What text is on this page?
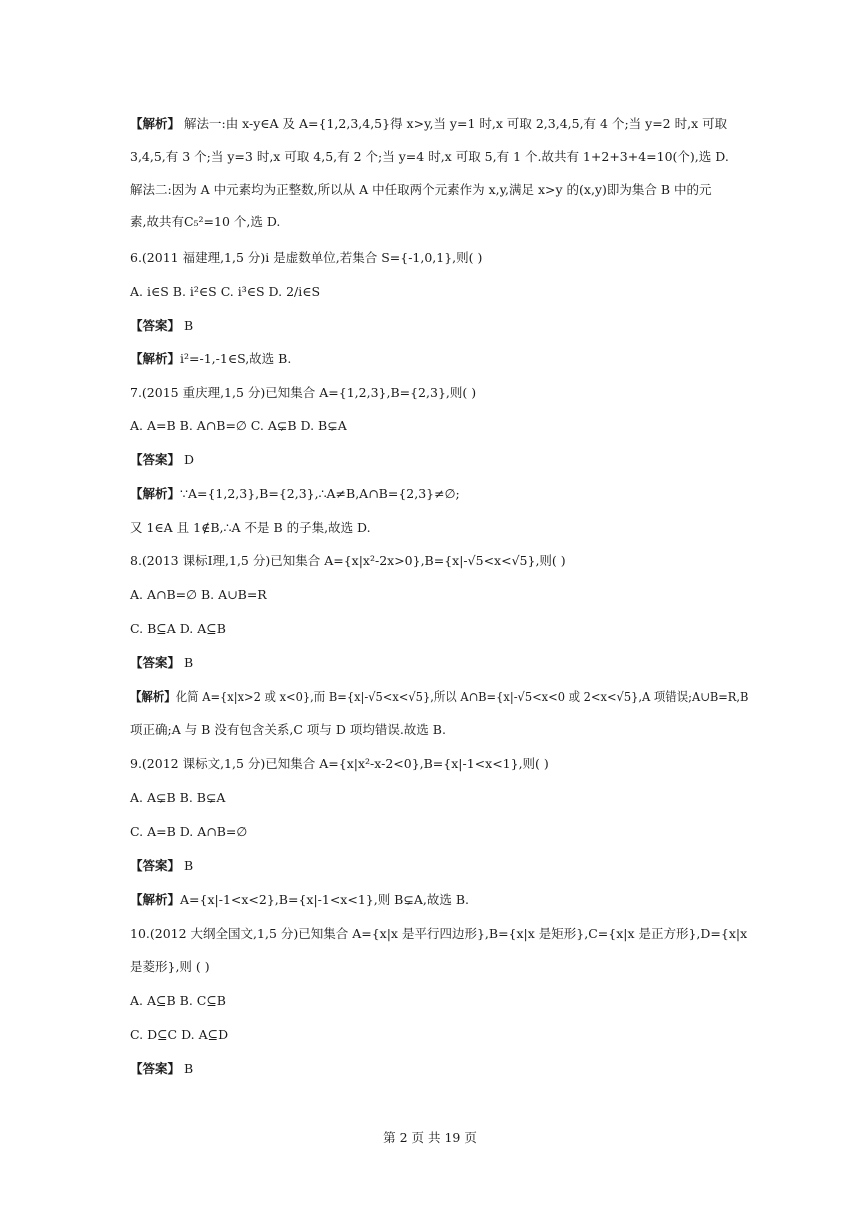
【解析】 解法一:由 x-y∈A 及 A={1,2,3,4,5}得 x>y,当 y=1 时,x 可取 2,3,4,5,有 4 个;当 y=2 时,x 可取
3,4,5,有 3 个;当 y=3 时,x 可取 4,5,有 2 个;当 y=4 时,x 可取 5,有 1 个.故共有 1+2+3+4=10(个),选 D.
解法二:因为 A 中元素均为正整数,所以从 A 中任取两个元素作为 x,y,满足 x>y 的(x,y)即为集合 B 中的元
素,故共有C₅²=10 个,选 D.
6.(2011 福建理,1,5 分)i 是虚数单位,若集合 S={-1,0,1},则( )
A. i∈S B. i²∈S C. i³∈S D. 2/i∈S
【答案】 B
【解析】i²=-1,-1∈S,故选 B.
7.(2015 重庆理,1,5 分)已知集合 A={1,2,3},B={2,3},则( )
A. A=B B. A∩B=∅ C. A⊊B D. B⊊A
【答案】 D
【解析】∵A={1,2,3},B={2,3},∴A≠B,A∩B={2,3}≠∅;
又 1∈A 且 1∉B,∴A 不是 B 的子集,故选 D.
8.(2013 课标Ⅰ理,1,5 分)已知集合 A={x|x²-2x>0},B={x|-√5<x<√5},则( )
A. A∩B=∅ B. A∪B=R
C. B⊆A D. A⊆B
【答案】 B
【解析】化简 A={x|x>2 或 x<0},而 B={x|-√5<x<√5},所以 A∩B={x|-√5<x<0 或 2<x<√5},A 项错误;A∪B=R,B
项正确;A 与 B 没有包含关系,C 项与 D 项均错误.故选 B.
9.(2012 课标文,1,5 分)已知集合 A={x|x²-x-2<0},B={x|-1<x<1},则( )
A. A⊊B B. B⊊A
C. A=B D. A∩B=∅
【答案】 B
【解析】A={x|-1<x<2},B={x|-1<x<1},则 B⊊A,故选 B.
10.(2012 大纲全国文,1,5 分)已知集合 A={x|x 是平行四边形},B={x|x 是矩形},C={x|x 是正方形},D={x|x
是菱形},则 ( )
A. A⊆B B. C⊆B
C. D⊆C D. A⊆D
【答案】 B
第 2 页 共 19 页
